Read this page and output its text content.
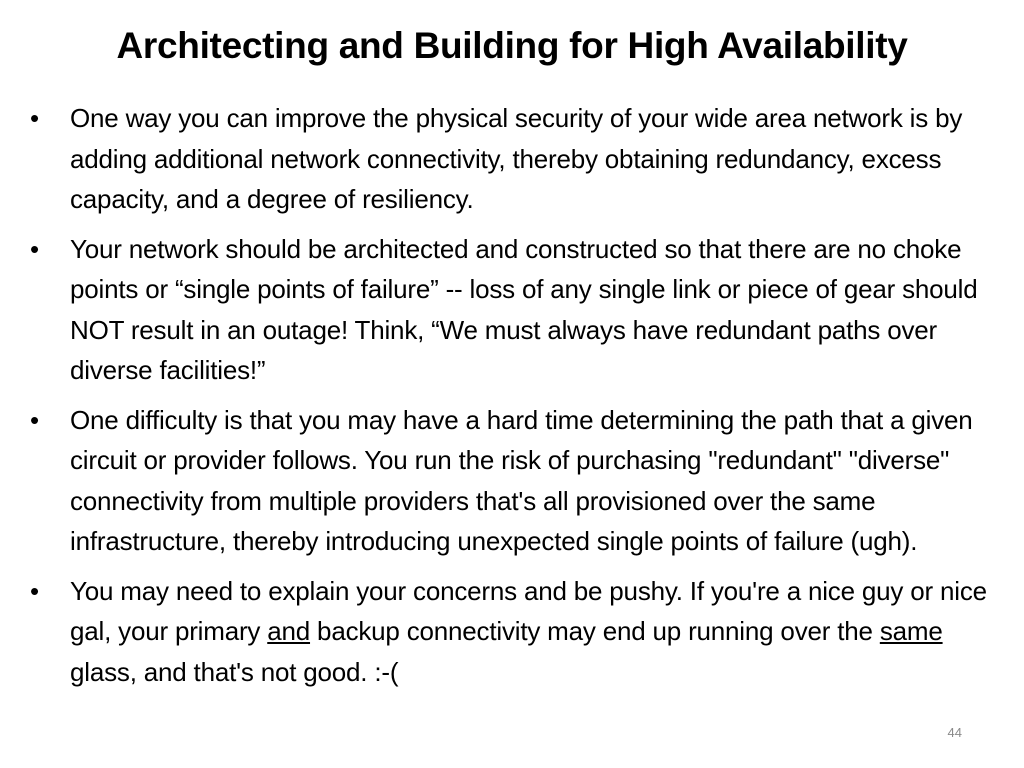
Architecting and Building for High Availability
•	One way you can improve the physical security of your wide area network is by adding additional network connectivity, thereby obtaining redundancy, excess capacity, and a degree of resiliency.
•	Your network should be architected and constructed so that there are no choke points or “single points of failure” -- loss of any single link or piece of gear should NOT result in an outage! Think, “We must always have redundant paths over diverse facilities!”
•	One difficulty is that you may have a hard time determining the path that a given circuit or provider follows. You run the risk of purchasing "redundant" "diverse" connectivity from multiple providers that's all provisioned over the same infrastructure, thereby introducing unexpected single points of failure (ugh).
•	You may need to explain your concerns and be pushy. If you're a nice guy or nice gal, your primary and backup connectivity may end up running over the same glass, and that's not good. :-(
44
